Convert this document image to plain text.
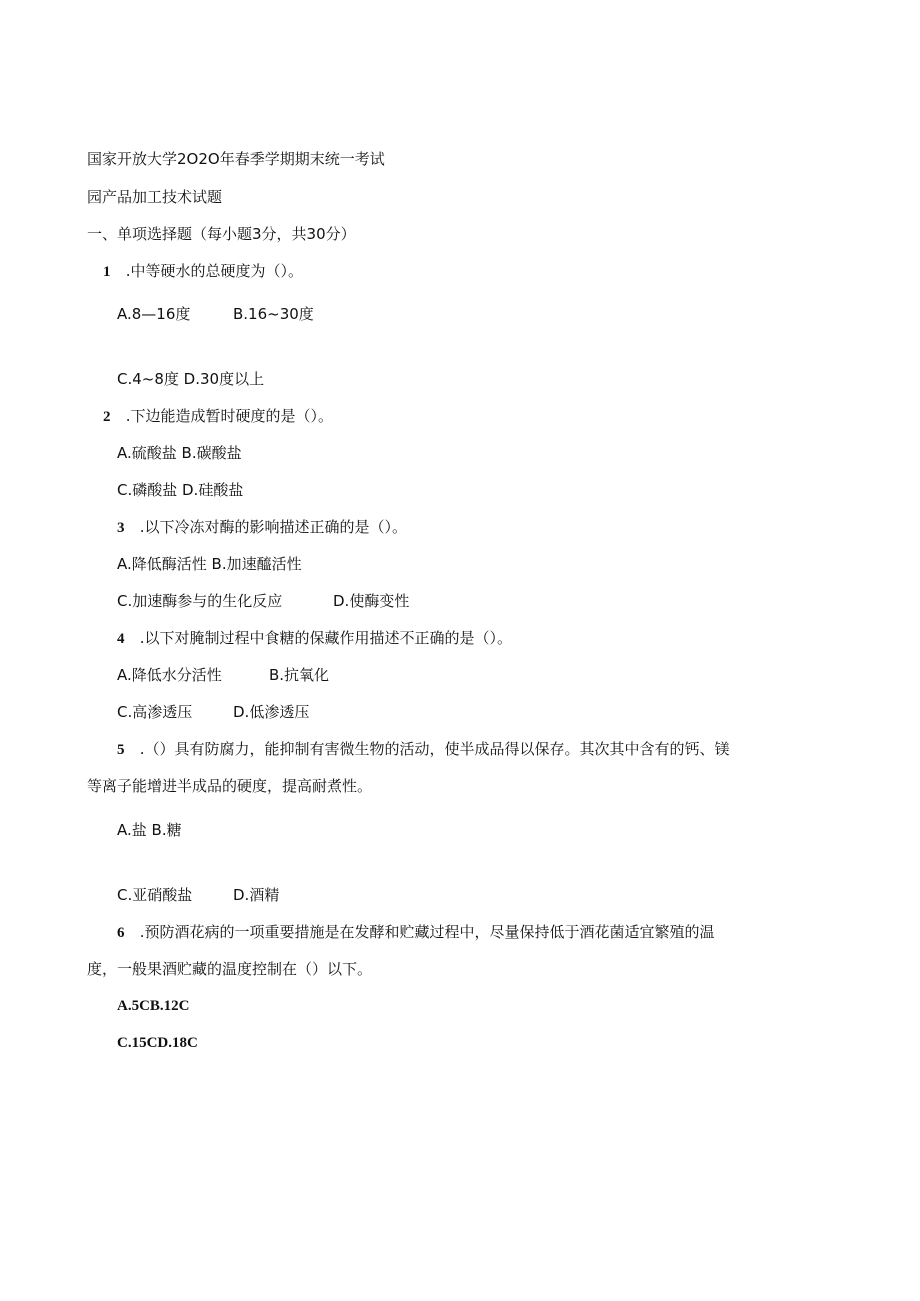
国家开放大学2O2O年春季学期期末统一考试
园产品加工技术试题
一、单项选择题（每小题3分，共30分）
1 .中等硬水的总硬度为（）。
A.8—16度	B.16~30度
C.4~8度 D.30度以上
2 .下边能造成暂时硬度的是（）。
A.硫酸盐 B.碳酸盐
C.磷酸盐 D.硅酸盐
3 .以下冷冻对酶的影响描述正确的是（）。
A.降低酶活性 B.加速醯活性
C.加速酶参与的生化反应	D.使酶变性
4 .以下对腌制过程中食糖的保藏作用描述不正确的是（）。
A.降低水分活性	B.抗氧化
C.高渗透压	D.低渗透压
5 .（）具有防腐力，能抑制有害微生物的活动，使半成品得以保存。其次其中含有的钙、镁
等离子能增进半成品的硬度，提高耐煮性。
A.盐 B.糖
C.亚硝酸盐	D.酒精
6 .预防酒花病的一项重要措施是在发酵和贮藏过程中，尽量保持低于酒花菌适宜繁殖的温
度，一般果酒贮藏的温度控制在（）以下。
A.5CB.12C
C.15CD.18C
